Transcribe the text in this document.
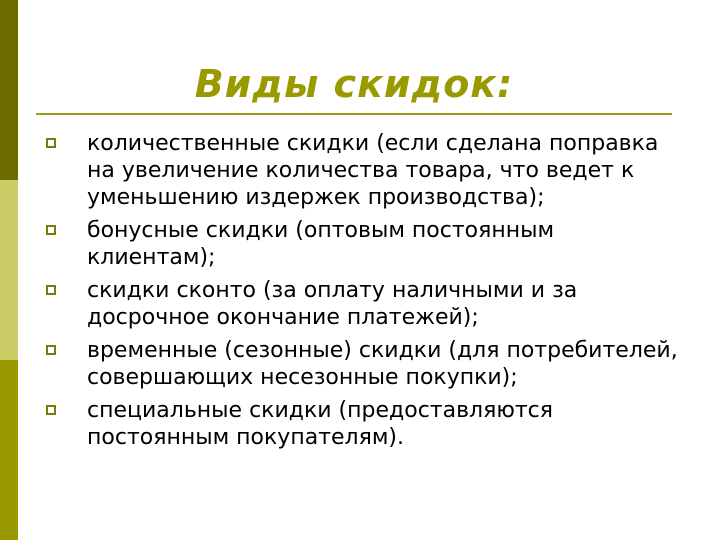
Виды скидок:
количественные скидки (если сделана поправка на увеличение количества товара, что ведет к уменьшению издержек производства);
бонусные скидки (оптовым постоянным клиентам);
скидки сконто (за оплату наличными и за досрочное окончание платежей);
временные (сезонные) скидки (для потребителей, совершающих несезонные покупки);
специальные скидки (предоставляются постоянным покупателям).
